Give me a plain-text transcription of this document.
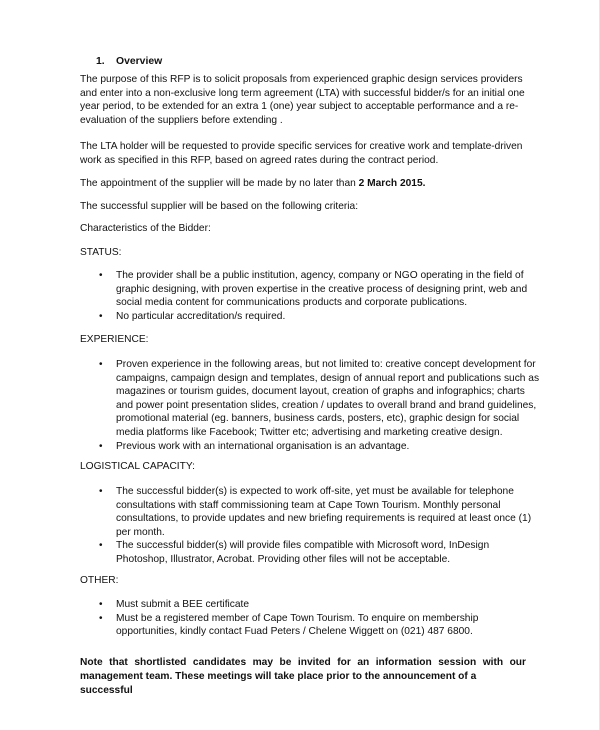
1. Overview

The purpose of this RFP is to solicit proposals from experienced graphic design services providers and enter into a non-exclusive long term agreement (LTA) with successful bidder/s for an initial one year period, to be extended for an extra 1 (one) year subject to acceptable performance and a re-evaluation of the suppliers before extending .

The LTA holder will be requested to provide specific services for creative work and template-driven work as specified in this RFP, based on agreed rates during the contract period.

The appointment of the supplier will be made by no later than 2 March 2015.

The successful supplier will be based on the following criteria:

Characteristics of the Bidder:

STATUS:

• The provider shall be a public institution, agency, company or NGO operating in the field of graphic designing, with proven expertise in the creative process of designing print, web and social media content for communications products and corporate publications.
• No particular accreditation/s required.

EXPERIENCE:

• Proven experience in the following areas, but not limited to: creative concept development for campaigns, campaign design and templates, design of annual report and publications such as magazines or tourism guides, document layout, creation of graphs and infographics; charts and power point presentation slides, creation / updates to overall brand and brand guidelines, promotional material (eg. banners, business cards, posters, etc), graphic design for social media platforms like Facebook; Twitter etc; advertising and marketing creative design.
• Previous work with an international organisation is an advantage.

LOGISTICAL CAPACITY:

• The successful bidder(s) is expected to work off-site, yet must be available for telephone consultations with staff commissioning team at Cape Town Tourism. Monthly personal consultations, to provide updates and new briefing requirements is required at least once (1) per month.
• The successful bidder(s) will provide files compatible with Microsoft word, InDesign Photoshop, Illustrator, Acrobat. Providing other files will not be acceptable.

OTHER:

• Must submit a BEE certificate
• Must be a registered member of Cape Town Tourism. To enquire on membership opportunities, kindly contact Fuad Peters / Chelene Wiggett on (021) 487 6800.

Note that shortlisted candidates may be invited for an information session with our

management team. These meetings will take place prior to the announcement of a successful
